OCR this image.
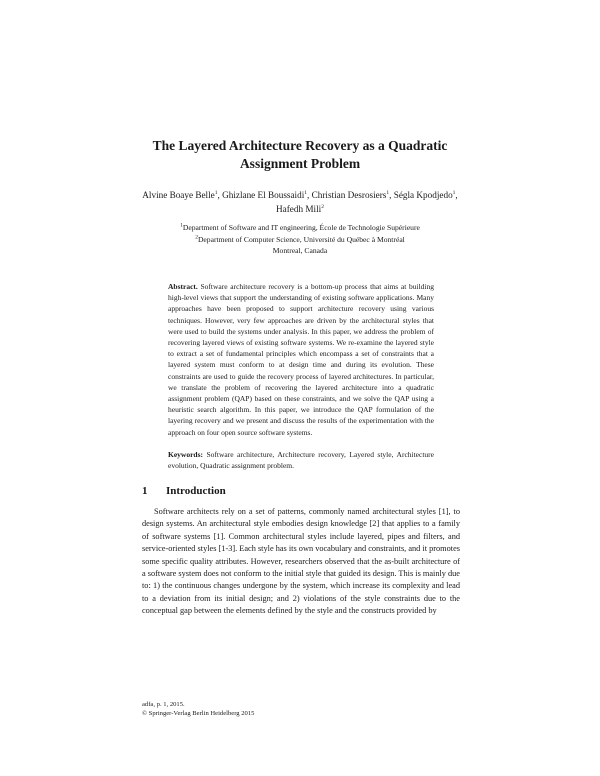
The Layered Architecture Recovery as a Quadratic
Assignment Problem
Alvine Boaye Belle$^1$, Ghizlane El Boussaidi$^1$, Christian Desrosiers$^1$, Ségla Kpodjedo$^1$,
Hafedh Mili$^2$
$^1$Department of Software and IT engineering, École de Technologie Supérieure
$^2$Department of Computer Science, Université du Québec à Montréal
Montreal, Canada
Abstract. Software architecture recovery is a bottom-up process that aims at building high-level views that support the understanding of existing software applications. Many approaches have been proposed to support architecture recovery using various techniques. However, very few approaches are driven by the architectural styles that were used to build the systems under analysis. In this paper, we address the problem of recovering layered views of existing software systems. We re-examine the layered style to extract a set of fundamental principles which encompass a set of constraints that a layered system must conform to at design time and during its evolution. These constraints are used to guide the recovery process of layered architectures. In particular, we translate the problem of recovering the layered architecture into a quadratic assignment problem (QAP) based on these constraints, and we solve the QAP using a heuristic search algorithm. In this paper, we introduce the QAP formulation of the layering recovery and we present and discuss the results of the experimentation with the approach on four open source software systems.
Keywords: Software architecture, Architecture recovery, Layered style, Architecture evolution, Quadratic assignment problem.
1 Introduction
Software architects rely on a set of patterns, commonly named architectural styles [1], to design systems. An architectural style embodies design knowledge [2] that applies to a family of software systems [1]. Common architectural styles include layered, pipes and filters, and service-oriented styles [1-3]. Each style has its own vocabulary and constraints, and it promotes some specific quality attributes. However, researchers observed that the as-built architecture of a software system does not conform to the initial style that guided its design. This is mainly due to: 1) the continuous changes undergone by the system, which increase its complexity and lead to a deviation from its initial design; and 2) violations of the style constraints due to the conceptual gap between the elements defined by the style and the constructs provided by
adfa, p. 1, 2015.
© Springer-Verlag Berlin Heidelberg 2015
